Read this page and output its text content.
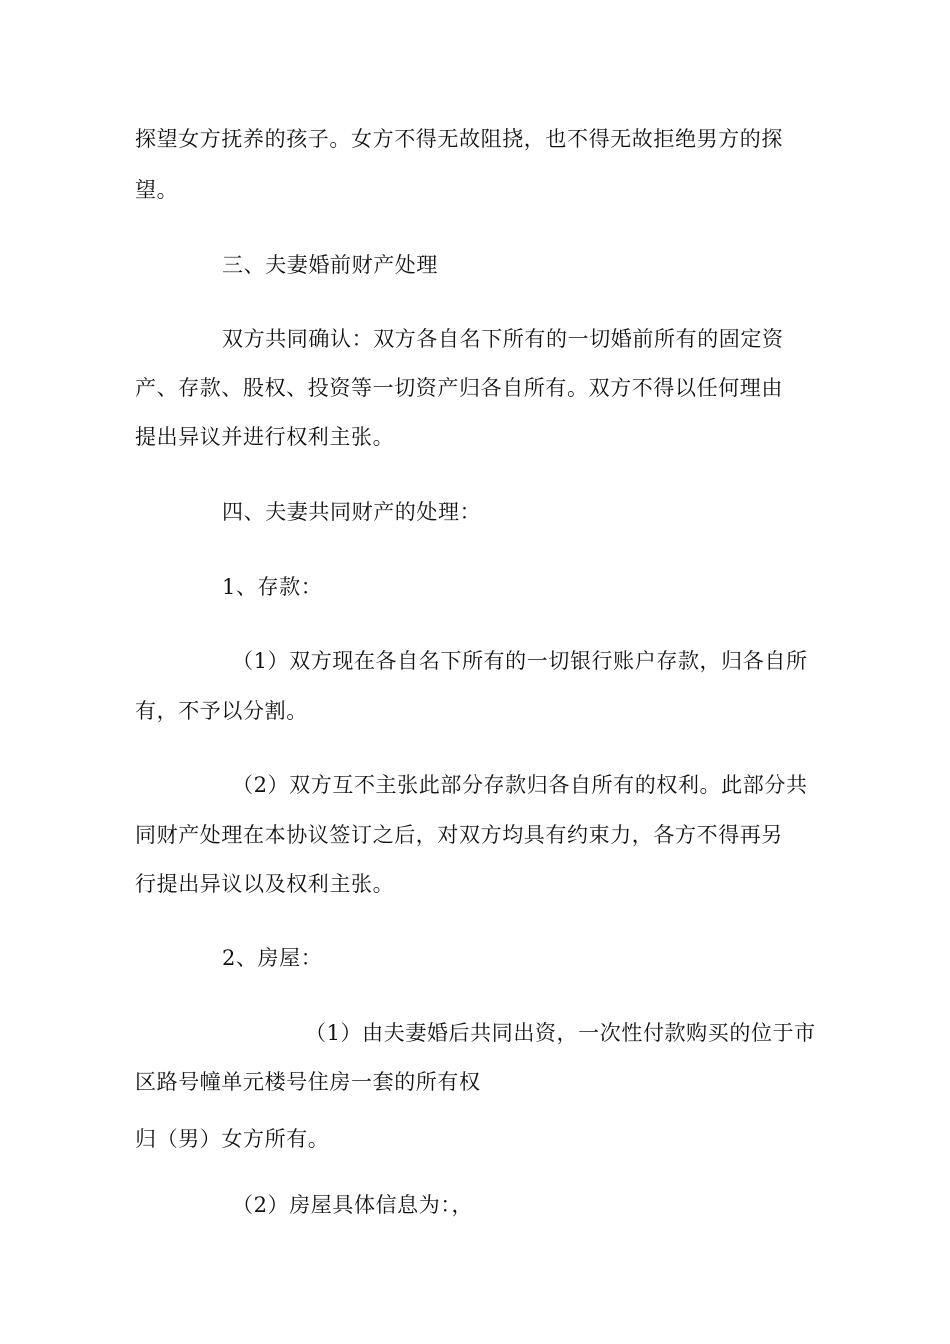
探望女方抚养的孩子。女方不得无故阻挠，也不得无故拒绝男方的探

望。

三、夫妻婚前财产处理

双方共同确认：双方各自名下所有的一切婚前所有的固定资

产、存款、股权、投资等一切资产归各自所有。双方不得以任何理由

提出异议并进行权利主张。

四、夫妻共同财产的处理：

1、存款：

（1）双方现在各自名下所有的一切银行账户存款，归各自所

有，不予以分割。

（2）双方互不主张此部分存款归各自所有的权利。此部分共

同财产处理在本协议签订之后，对双方均具有约束力，各方不得再另

行提出异议以及权利主张。

2、房屋：

（1）由夫妻婚后共同出资，一次性付款购买的位于市

区路号幢单元楼号住房一套的所有权

归（男）女方所有。

（2）房屋具体信息为：，
